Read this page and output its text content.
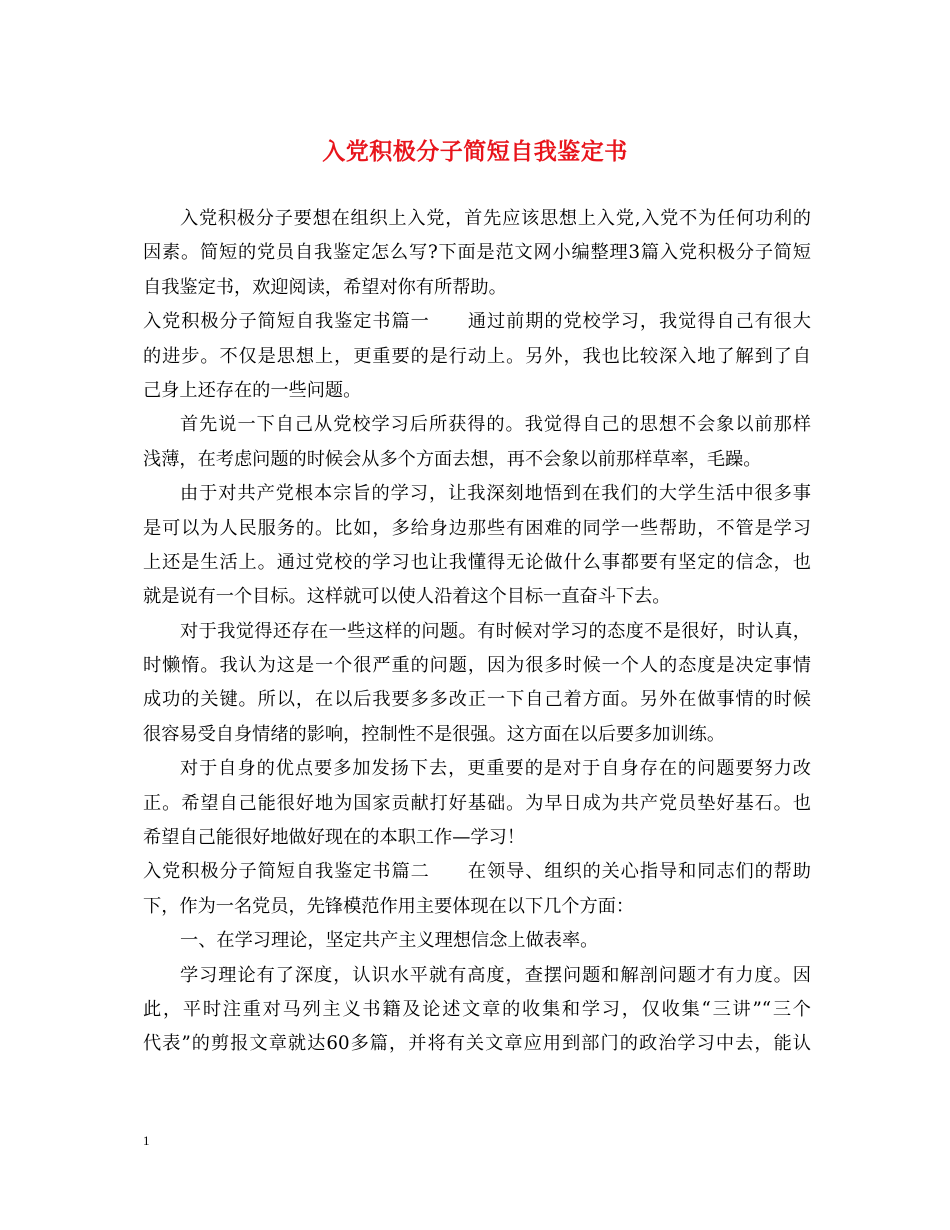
入党积极分子简短自我鉴定书
入党积极分子要想在组织上入党，首先应该思想上入党,入党不为任何功利的
因素。简短的党员自我鉴定怎么写?下面是范文网小编整理3篇入党积极分子简短
自我鉴定书，欢迎阅读，希望对你有所帮助。
入党积极分子简短自我鉴定书篇一　　通过前期的党校学习，我觉得自己有很大
的进步。不仅是思想上，更重要的是行动上。另外，我也比较深入地了解到了自
己身上还存在的一些问题。
首先说一下自己从党校学习后所获得的。我觉得自己的思想不会象以前那样
浅薄，在考虑问题的时候会从多个方面去想，再不会象以前那样草率，毛躁。
由于对共产党根本宗旨的学习，让我深刻地悟到在我们的大学生活中很多事
是可以为人民服务的。比如，多给身边那些有困难的同学一些帮助，不管是学习
上还是生活上。通过党校的学习也让我懂得无论做什么事都要有坚定的信念，也
就是说有一个目标。这样就可以使人沿着这个目标一直奋斗下去。
对于我觉得还存在一些这样的问题。有时候对学习的态度不是很好，时认真，
时懒惰。我认为这是一个很严重的问题，因为很多时候一个人的态度是决定事情
成功的关键。所以，在以后我要多多改正一下自己着方面。另外在做事情的时候
很容易受自身情绪的影响，控制性不是很强。这方面在以后要多加训练。
对于自身的优点要多加发扬下去，更重要的是对于自身存在的问题要努力改
正。希望自己能很好地为国家贡献打好基础。为早日成为共产党员垫好基石。也
希望自己能很好地做好现在的本职工作—学习！
入党积极分子简短自我鉴定书篇二　　在领导、组织的关心指导和同志们的帮助
下，作为一名党员，先锋模范作用主要体现在以下几个方面：
一、在学习理论，坚定共产主义理想信念上做表率。
学习理论有了深度，认识水平就有高度，查摆问题和解剖问题才有力度。因
此，平时注重对马列主义书籍及论述文章的收集和学习，仅收集“三讲”“三个
代表”的剪报文章就达60多篇，并将有关文章应用到部门的政治学习中去，能认
1
